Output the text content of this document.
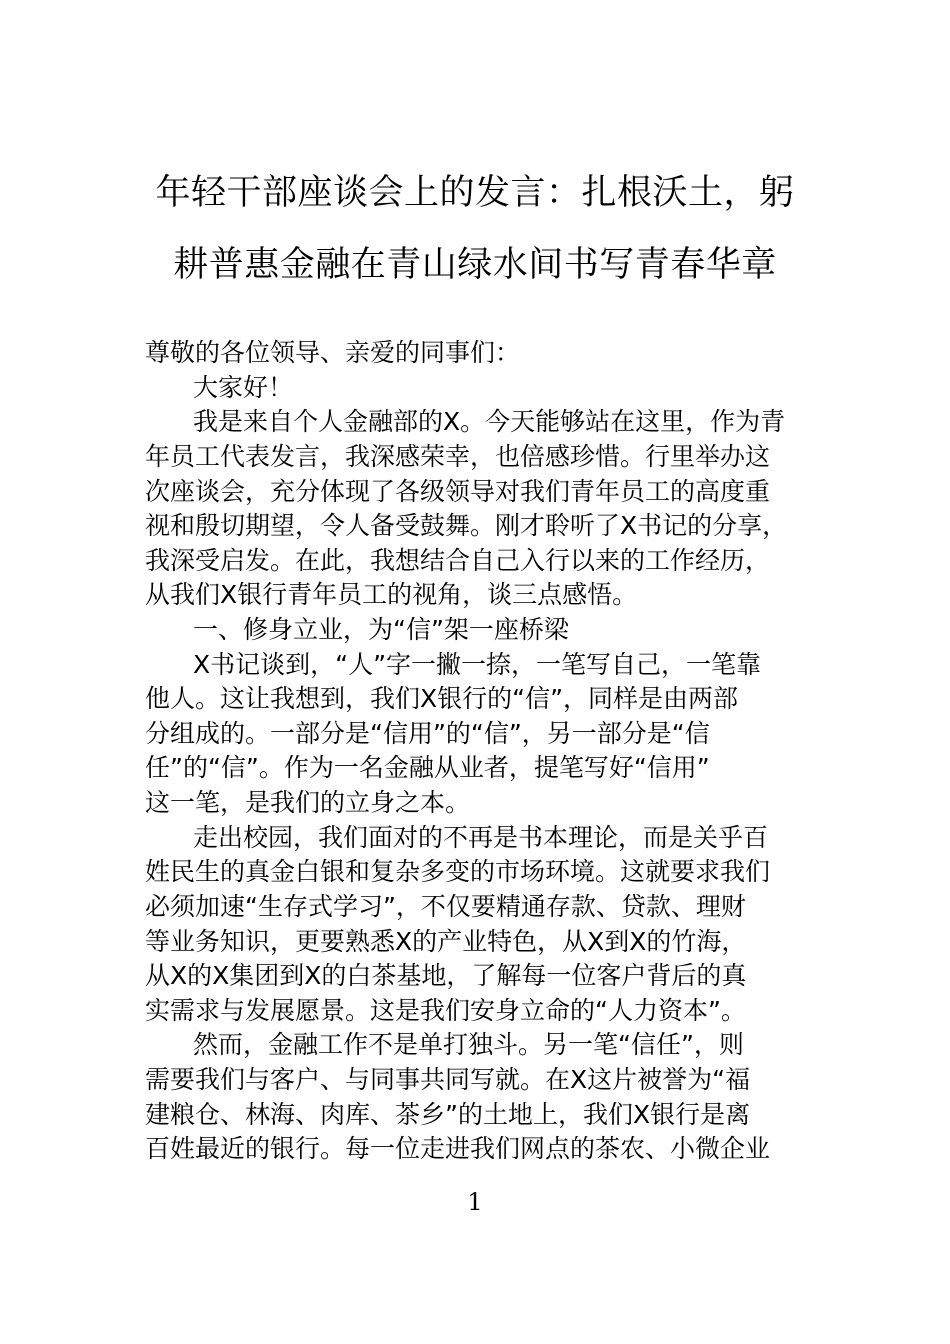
年轻干部座谈会上的发言：扎根沃土，躬
耕普惠金融在青山绿水间书写青春华章
尊敬的各位领导、亲爱的同事们：
大家好！
我是来自个人金融部的X。今天能够站在这里，作为青
年员工代表发言，我深感荣幸，也倍感珍惜。行里举办这
次座谈会，充分体现了各级领导对我们青年员工的高度重
视和殷切期望，令人备受鼓舞。刚才聆听了X书记的分享，
我深受启发。在此，我想结合自己入行以来的工作经历，
从我们X银行青年员工的视角，谈三点感悟。
一、修身立业，为“信”架一座桥梁
X书记谈到，“人”字一撇一捺，一笔写自己，一笔靠
他人。这让我想到，我们X银行的“信”，同样是由两部
分组成的。一部分是“信用”的“信”，另一部分是“信
任”的“信”。作为一名金融从业者，提笔写好“信用”
这一笔，是我们的立身之本。
走出校园，我们面对的不再是书本理论，而是关乎百
姓民生的真金白银和复杂多变的市场环境。这就要求我们
必须加速“生存式学习”，不仅要精通存款、贷款、理财
等业务知识，更要熟悉X的产业特色，从X到X的竹海，
从X的X集团到X的白茶基地，了解每一位客户背后的真
实需求与发展愿景。这是我们安身立命的“人力资本”。
然而，金融工作不是单打独斗。另一笔“信任”，则
需要我们与客户、与同事共同写就。在X这片被誉为“福
建粮仓、林海、肉库、茶乡”的土地上，我们X银行是离
百姓最近的银行。每一位走进我们网点的茶农、小微企业
1
